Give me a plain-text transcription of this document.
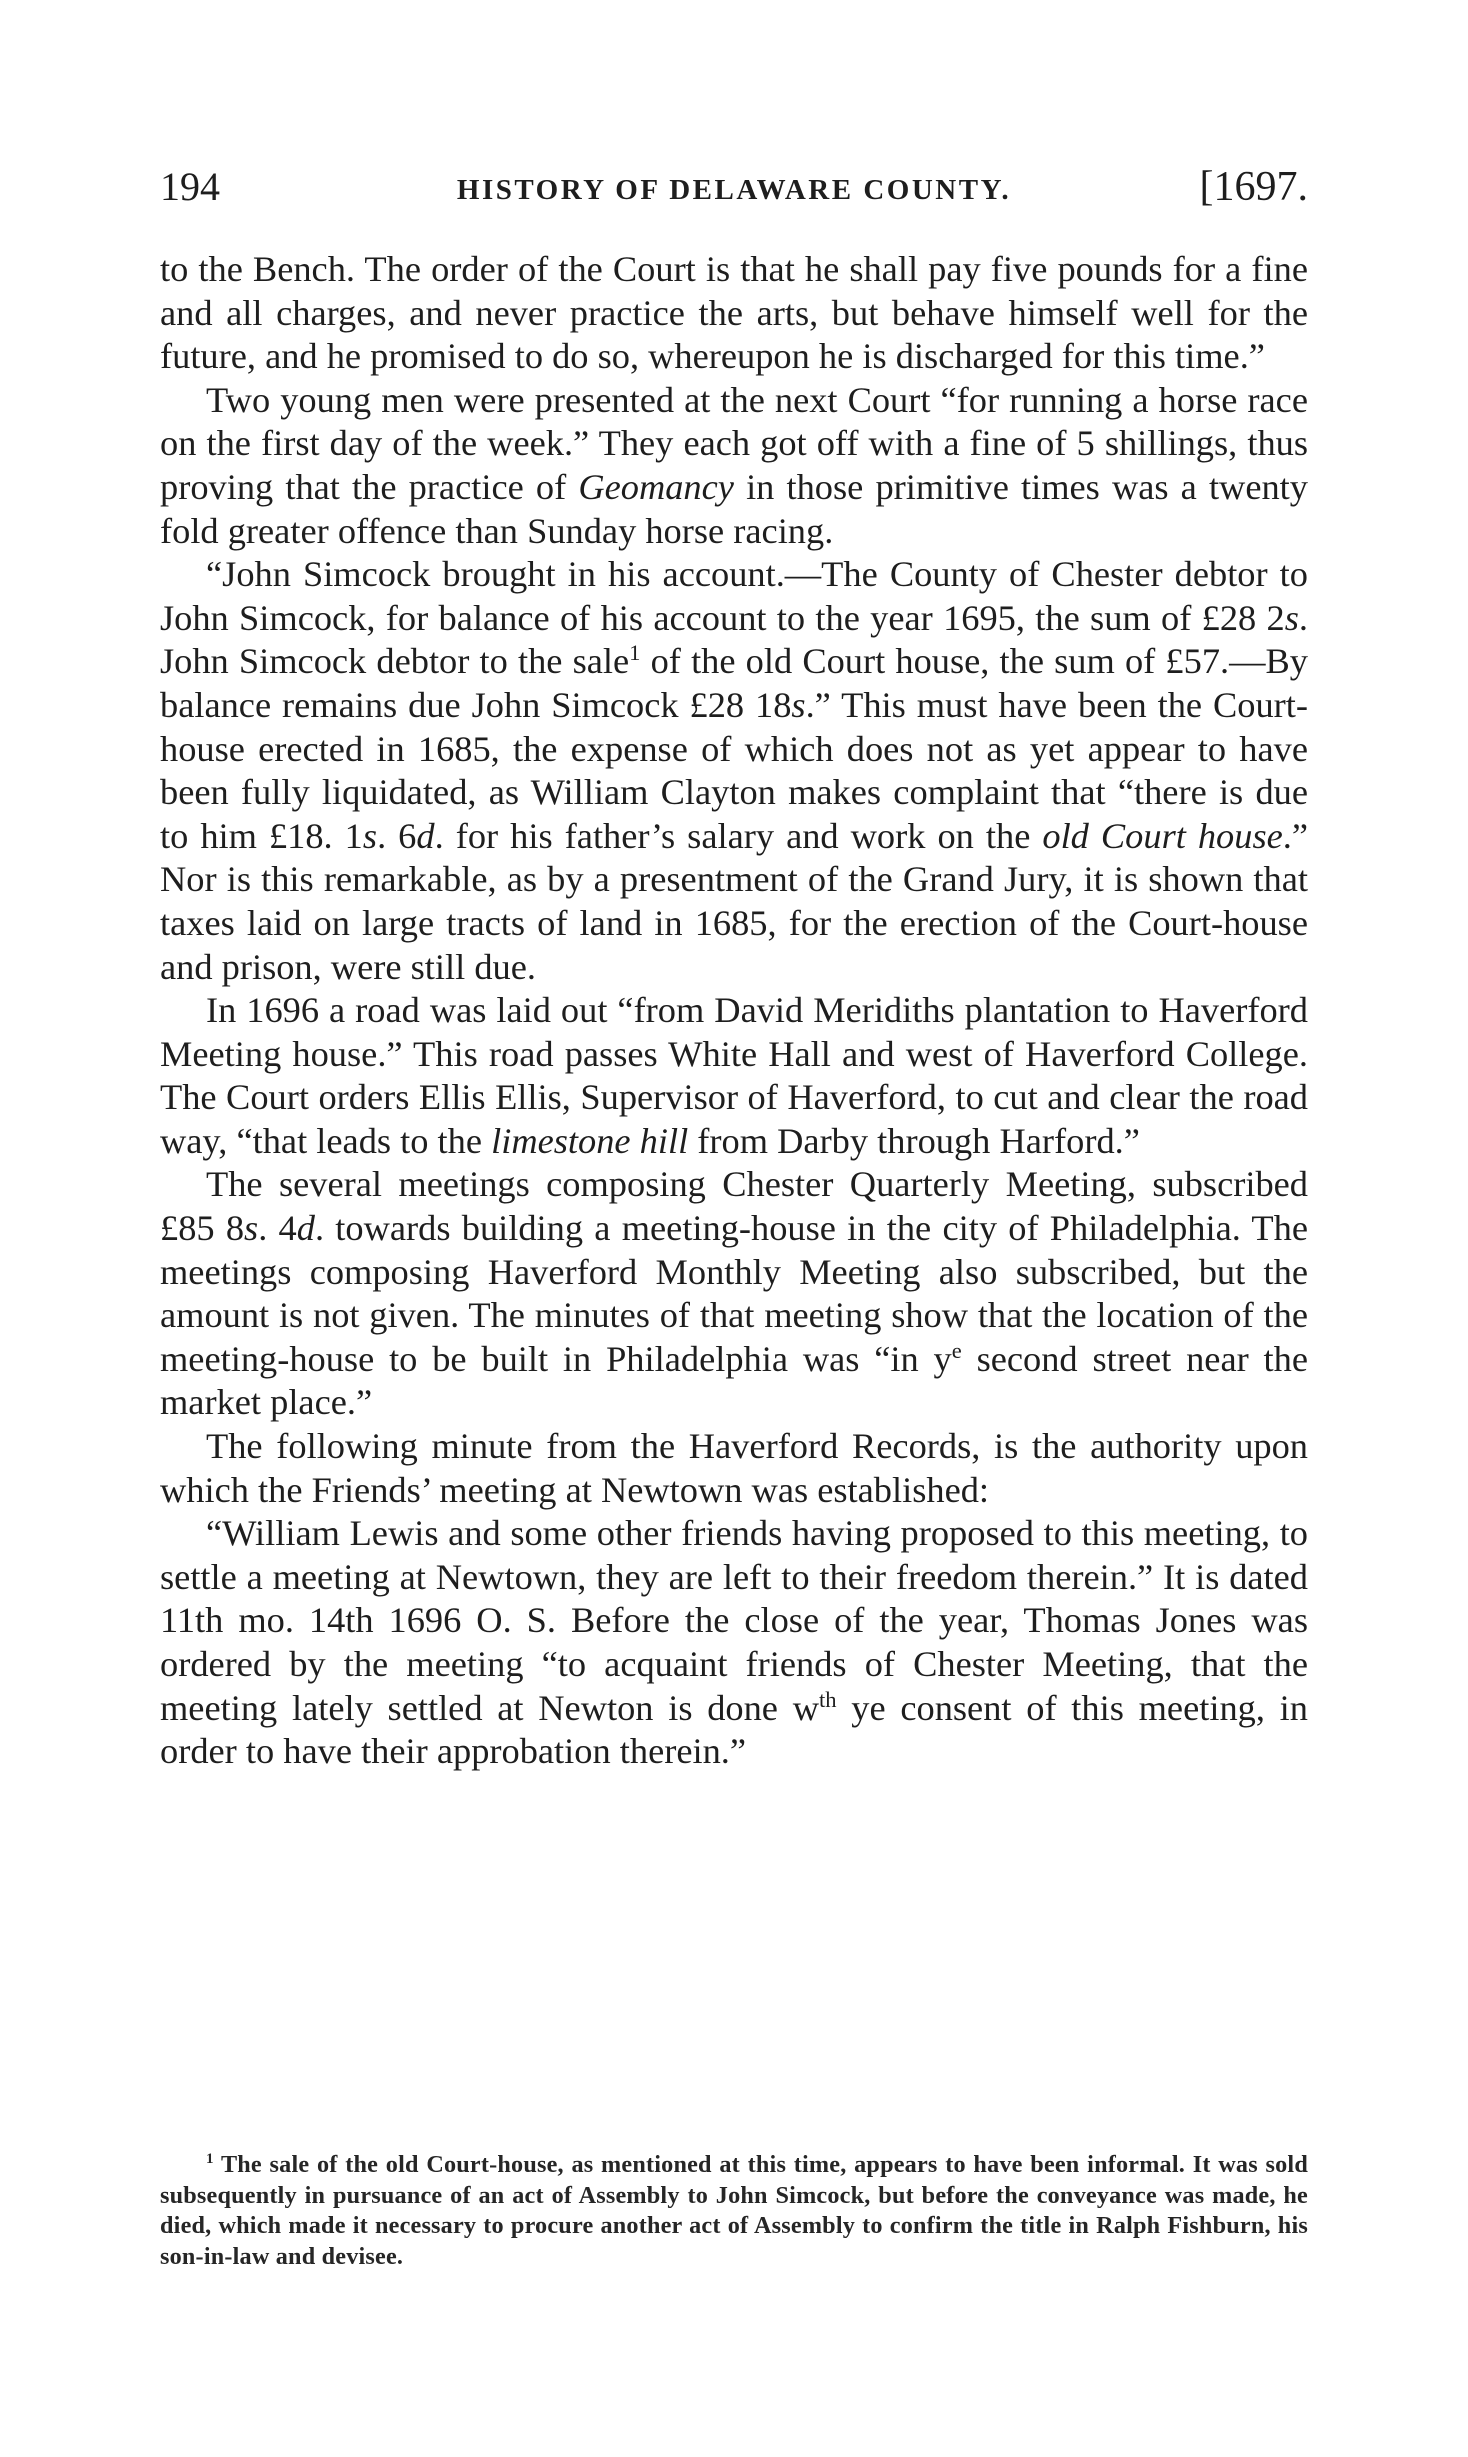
194	HISTORY OF DELAWARE COUNTY.	[1697.

to the Bench. The order of the Court is that he shall pay five pounds for a fine and all charges, and never practice the arts, but behave himself well for the future, and he promised to do so, whereupon he is discharged for this time.”

Two young men were presented at the next Court “for running a horse race on the first day of the week.” They each got off with a fine of 5 shillings, thus proving that the practice of Geomancy in those primitive times was a twenty fold greater offence than Sunday horse racing.

“John Simcock brought in his account.—The County of Chester debtor to John Simcock, for balance of his account to the year 1695, the sum of £28 2s. John Simcock debtor to the sale$^1$ of the old Court house, the sum of £57.—By balance remains due John Simcock £28 18s.” This must have been the Court-house erected in 1685, the expense of which does not as yet appear to have been fully liquidated, as William Clayton makes complaint that “there is due to him £18. 1s. 6d. for his father’s salary and work on the old Court house.” Nor is this remarkable, as by a presentment of the Grand Jury, it is shown that taxes laid on large tracts of land in 1685, for the erection of the Court-house and prison, were still due.

In 1696 a road was laid out “from David Meridiths plantation to Haverford Meeting house.” This road passes White Hall and west of Haverford College. The Court orders Ellis Ellis, Supervisor of Haverford, to cut and clear the road way, “that leads to the limestone hill from Darby through Harford.”

The several meetings composing Chester Quarterly Meeting, subscribed £85 8s. 4d. towards building a meeting-house in the city of Philadelphia. The meetings composing Haverford Monthly Meeting also subscribed, but the amount is not given. The minutes of that meeting show that the location of the meeting-house to be built in Philadelphia was “in $y^e$ second street near the market place.”

The following minute from the Haverford Records, is the authority upon which the Friends’ meeting at Newtown was established:

“William Lewis and some other friends having proposed to this meeting, to settle a meeting at Newtown, they are left to their freedom therein.” It is dated 11th mo. 14th 1696 O. S. Before the close of the year, Thomas Jones was ordered by the meeting “to acquaint friends of Chester Meeting, that the meeting lately settled at Newton is done $w^{th}$ ye consent of this meeting, in order to have their approbation therein.”

$^1$ The sale of the old Court-house, as mentioned at this time, appears to have been informal. It was sold subsequently in pursuance of an act of Assembly to John Simcock, but before the conveyance was made, he died, which made it necessary to procure another act of Assembly to confirm the title in Ralph Fishburn, his son-in-law and devisee.
